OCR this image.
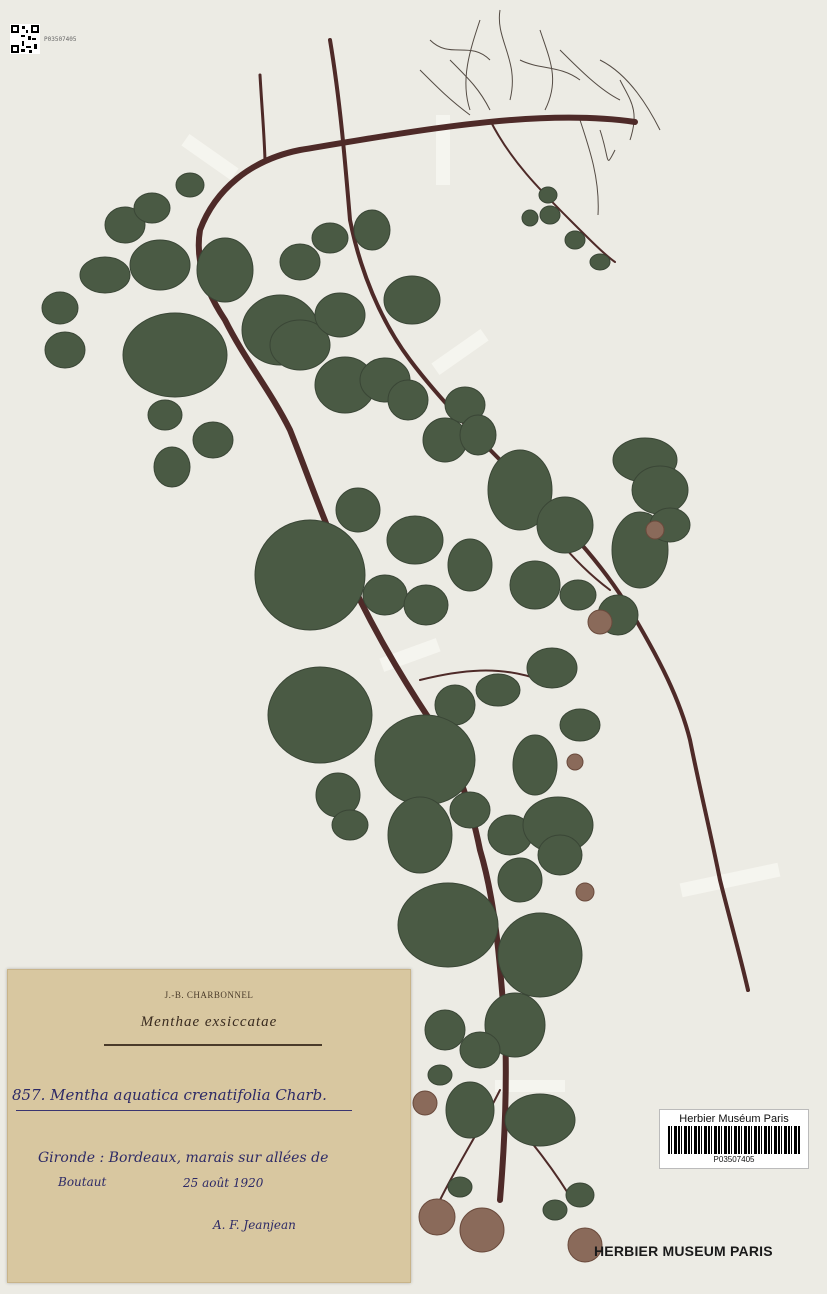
P03507405
J.-B. CHARBONNEL
Menthae exsiccatae
857. Mentha aquatica crenatifolia Charb.
Gironde : Bordeaux, marais sur allées de
Boutaut	25 août 1920
A. F. Jeanjean
Herbier Muséum Paris
P03507405
HERBIER MUSEUM PARIS
